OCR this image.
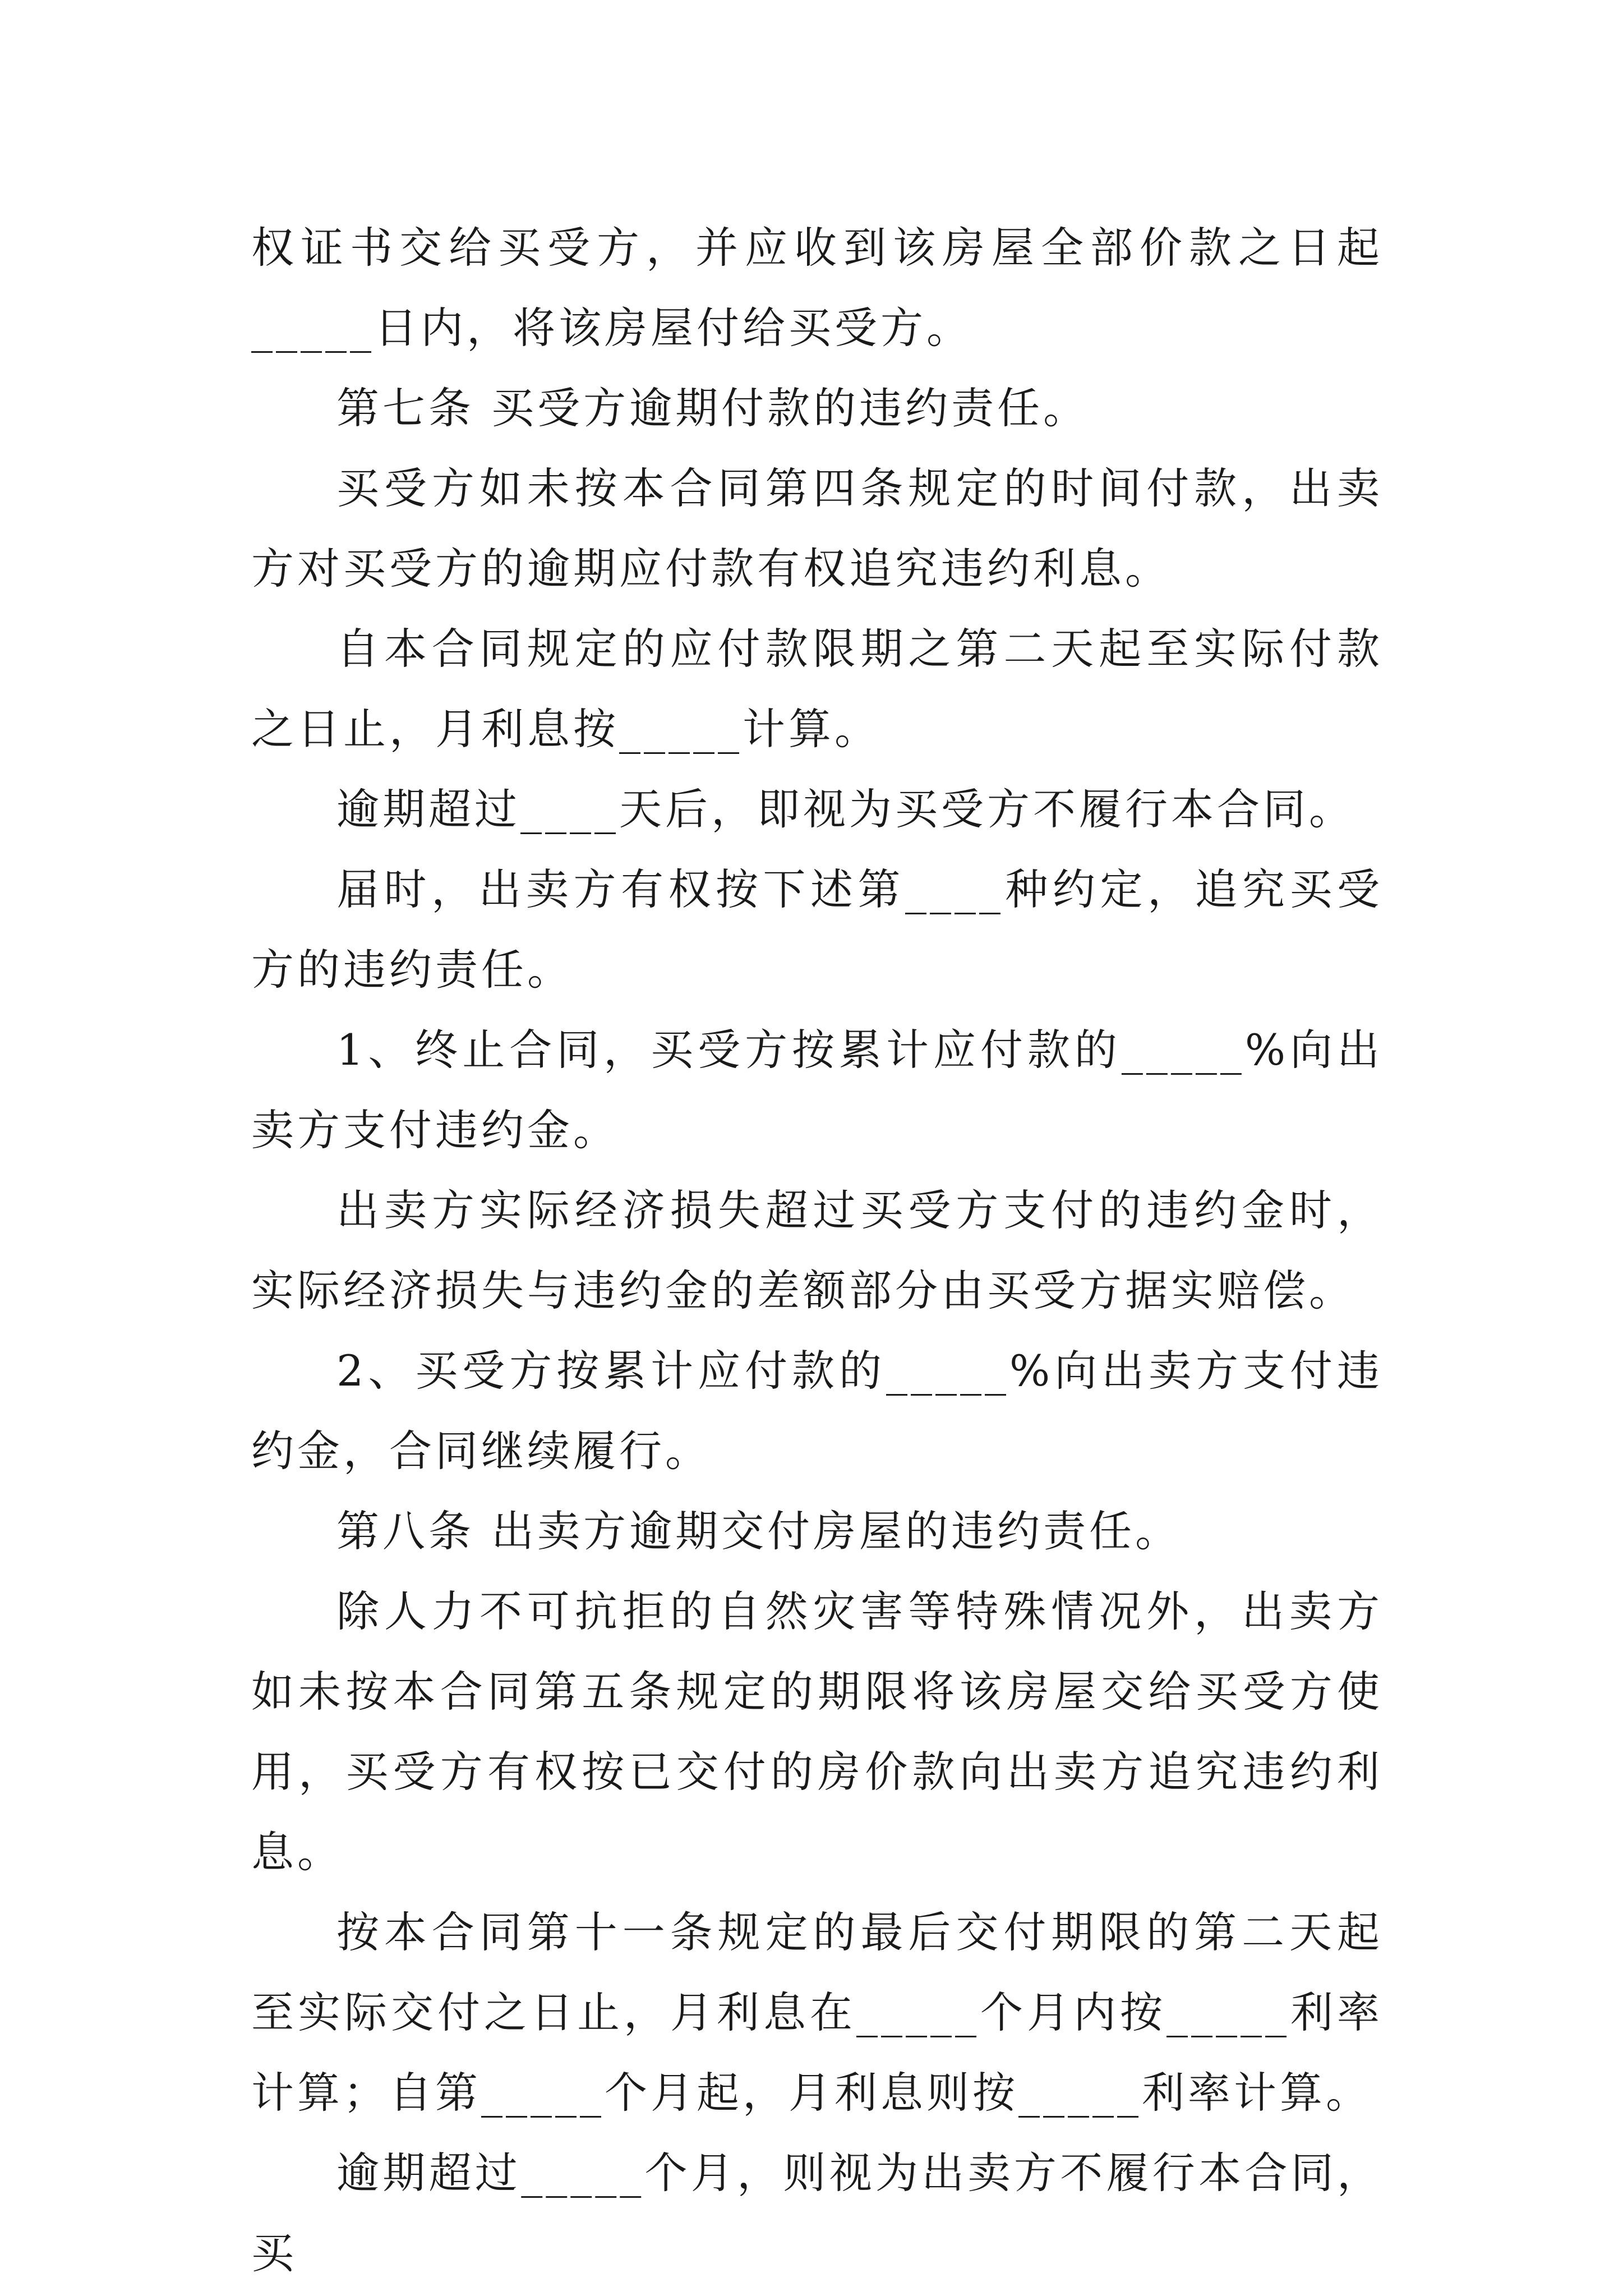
权证书交给买受方，并应收到该房屋全部价款之日起_____日内，将该房屋付给买受方。

第七条 买受方逾期付款的违约责任。

买受方如未按本合同第四条规定的时间付款，出卖方对买受方的逾期应付款有权追究违约利息。

自本合同规定的应付款限期之第二天起至实际付款之日止，月利息按_____计算。

逾期超过____天后，即视为买受方不履行本合同。

届时，出卖方有权按下述第____种约定，追究买受方的违约责任。

1、终止合同，买受方按累计应付款的_____%向出卖方支付违约金。

出卖方实际经济损失超过买受方支付的违约金时，实际经济损失与违约金的差额部分由买受方据实赔偿。

2、买受方按累计应付款的_____%向出卖方支付违约金，合同继续履行。

第八条 出卖方逾期交付房屋的违约责任。

除人力不可抗拒的自然灾害等特殊情况外，出卖方如未按本合同第五条规定的期限将该房屋交给买受方使用，买受方有权按已交付的房价款向出卖方追究违约利息。

按本合同第十一条规定的最后交付期限的第二天起至实际交付之日止，月利息在_____个月内按_____利率计算；自第_____个月起，月利息则按_____利率计算。

逾期超过_____个月，则视为出卖方不履行本合同，买
